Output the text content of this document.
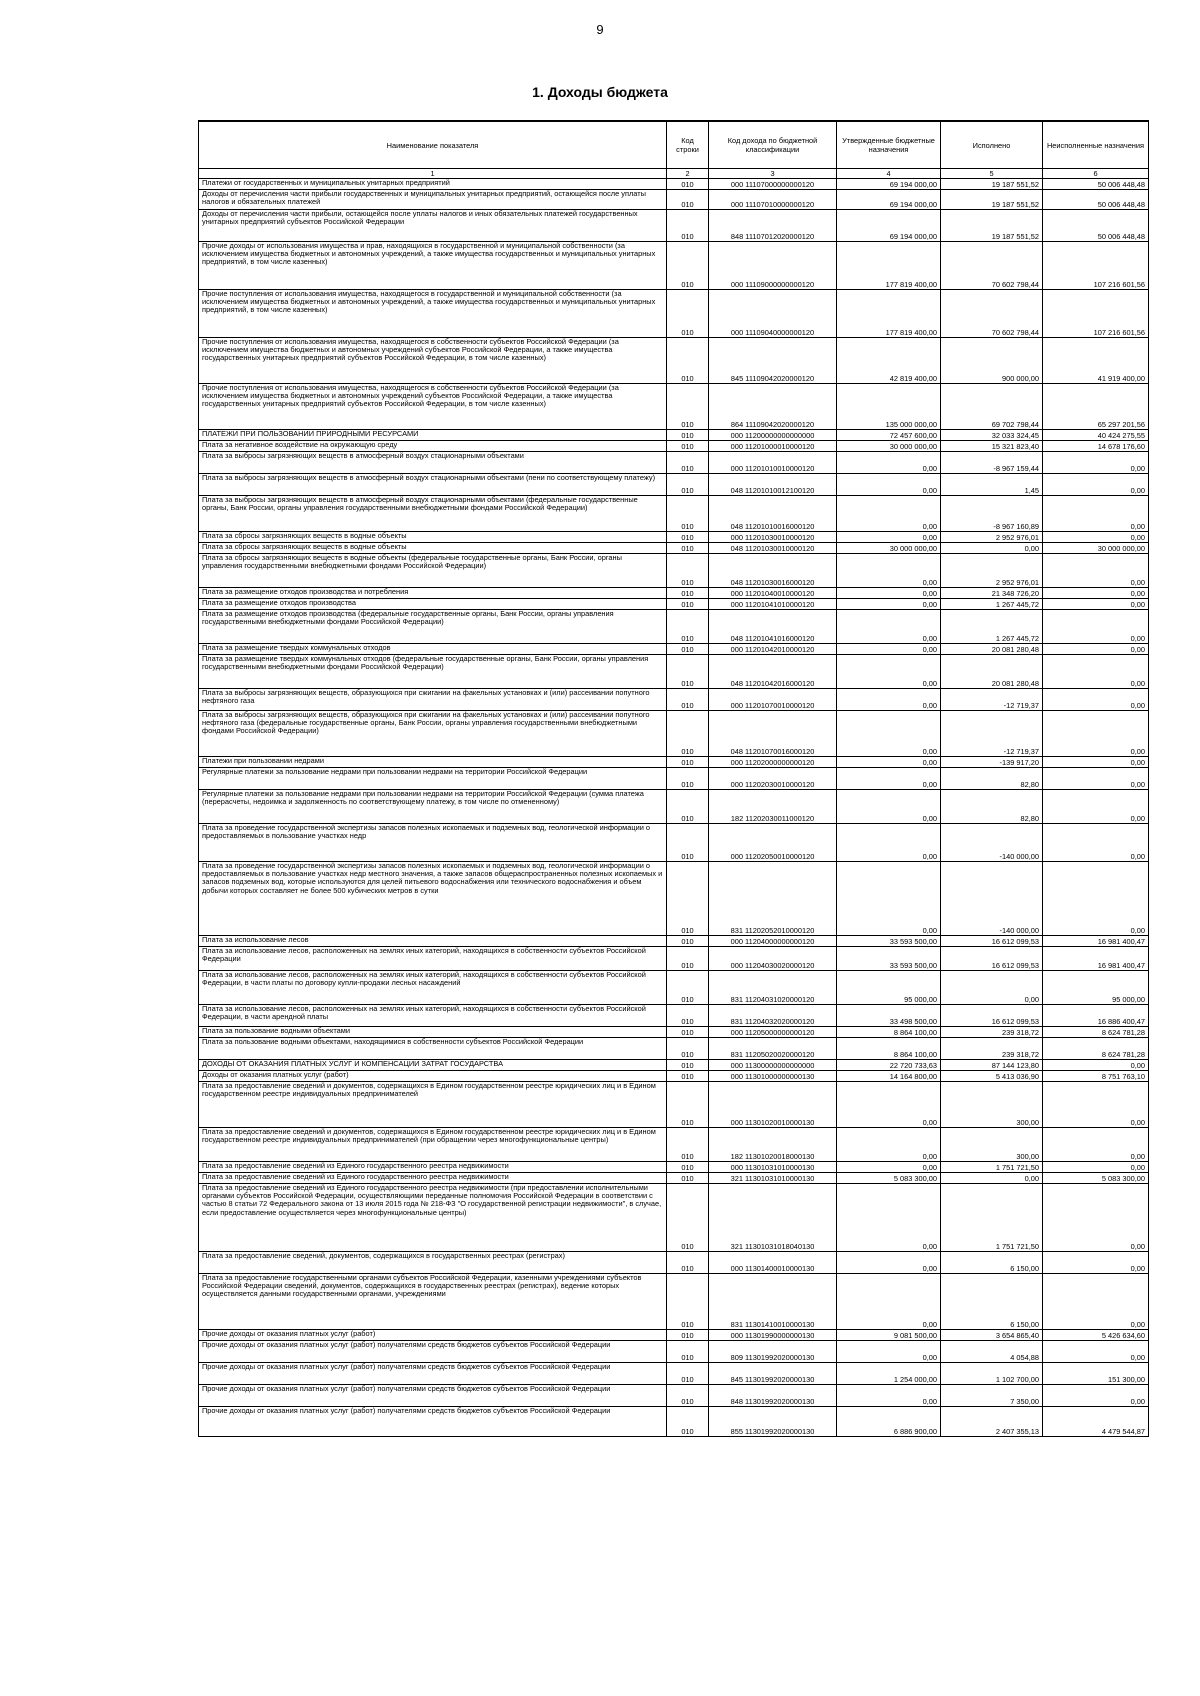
9
1. Доходы бюджета
Наименование показателя	Код строки	Код дохода по бюджетной классификации	Утвержденные бюджетные назначения	Исполнено	Неисполненные назначения
1	2	3	4	5	6
Платежи от государственных и муниципальных унитарных предприятий	010	000 11107000000000120	69 194 000,00	19 187 551,52	50 006 448,48
Доходы от перечисления части прибыли государственных и муниципальных унитарных предприятий, остающейся после уплаты налогов и обязательных платежей	010	000 11107010000000120	69 194 000,00	19 187 551,52	50 006 448,48
Доходы от перечисления части прибыли, остающейся после уплаты налогов и иных обязательных платежей государственных унитарных предприятий субъектов Российской Федерации	010	848 11107012020000120	69 194 000,00	19 187 551,52	50 006 448,48
Прочие доходы от использования имущества и прав, находящихся в государственной и муниципальной собственности (за исключением имущества бюджетных и автономных учреждений, а также имущества государственных и муниципальных унитарных предприятий, в том числе казенных)	010	000 11109000000000120	177 819 400,00	70 602 798,44	107 216 601,56
Прочие поступления от использования имущества, находящегося в государственной и муниципальной собственности (за исключением имущества бюджетных и автономных учреждений, а также имущества государственных и муниципальных унитарных предприятий, в том числе казенных)	010	000 11109040000000120	177 819 400,00	70 602 798,44	107 216 601,56
Прочие поступления от использования имущества, находящегося в собственности субъектов Российской Федерации (за исключением имущества бюджетных и автономных учреждений субъектов Российской Федерации, а также имущества государственных унитарных предприятий субъектов Российской Федерации, в том числе казенных)	010	845 11109042020000120	42 819 400,00	900 000,00	41 919 400,00
Прочие поступления от использования имущества, находящегося в собственности субъектов Российской Федерации (за исключением имущества бюджетных и автономных учреждений субъектов Российской Федерации, а также имущества государственных унитарных предприятий субъектов Российской Федерации, в том числе казенных)	010	864 11109042020000120	135 000 000,00	69 702 798,44	65 297 201,56
ПЛАТЕЖИ ПРИ ПОЛЬЗОВАНИИ ПРИРОДНЫМИ РЕСУРСАМИ	010	000 11200000000000000	72 457 600,00	32 033 324,45	40 424 275,55
Плата за негативное воздействие на окружающую среду	010	000 11201000010000120	30 000 000,00	15 321 823,40	14 678 176,60
Плата за выбросы загрязняющих веществ в атмосферный воздух стационарными объектами	010	000 11201010010000120	0,00	-8 967 159,44	0,00
Плата за выбросы загрязняющих веществ в атмосферный воздух стационарными объектами (пени по соответствующему платежу)	010	048 11201010012100120	0,00	1,45	0,00
Плата за выбросы загрязняющих веществ в атмосферный воздух стационарными объектами (федеральные государственные органы, Банк России, органы управления государственными внебюджетными фондами Российской Федерации)	010	048 11201010016000120	0,00	-8 967 160,89	0,00
Плата за сбросы загрязняющих веществ в водные объекты	010	000 11201030010000120	0,00	2 952 976,01	0,00
Плата за сбросы загрязняющих веществ в водные объекты	010	048 11201030010000120	30 000 000,00	0,00	30 000 000,00
Плата за сбросы загрязняющих веществ в водные объекты (федеральные государственные органы, Банк России, органы управления государственными внебюджетными фондами Российской Федерации)	010	048 11201030016000120	0,00	2 952 976,01	0,00
Плата за размещение отходов производства и потребления	010	000 11201040010000120	0,00	21 348 726,20	0,00
Плата за размещение отходов производства	010	000 11201041010000120	0,00	1 267 445,72	0,00
Плата за размещение отходов производства (федеральные государственные органы, Банк России, органы управления государственными внебюджетными фондами Российской Федерации)	010	048 11201041016000120	0,00	1 267 445,72	0,00
Плата за размещение твердых коммунальных отходов	010	000 11201042010000120	0,00	20 081 280,48	0,00
Плата за размещение твердых коммунальных отходов (федеральные государственные органы, Банк России, органы управления государственными внебюджетными фондами Российской Федерации)	010	048 11201042016000120	0,00	20 081 280,48	0,00
Плата за выбросы загрязняющих веществ, образующихся при сжигании на факельных установках и (или) рассеивании попутного нефтяного газа	010	000 11201070010000120	0,00	-12 719,37	0,00
Плата за выбросы загрязняющих веществ, образующихся при сжигании на факельных установках и (или) рассеивании попутного нефтяного газа (федеральные государственные органы, Банк России, органы управления государственными внебюджетными фондами Российской Федерации)	010	048 11201070016000120	0,00	-12 719,37	0,00
Платежи при пользовании недрами	010	000 11202000000000120	0,00	-139 917,20	0,00
Регулярные платежи за пользование недрами при пользовании недрами на территории Российской Федерации	010	000 11202030010000120	0,00	82,80	0,00
Регулярные платежи за пользование недрами при пользовании недрами на территории Российской Федерации (сумма платежа (перерасчеты, недоимка и задолженность по соответствующему платежу, в том числе по отмененному)	010	182 11202030011000120	0,00	82,80	0,00
Плата за проведение государственной экспертизы запасов полезных ископаемых и подземных вод, геологической информации о предоставляемых в пользование участках недр	010	000 11202050010000120	0,00	-140 000,00	0,00
Плата за проведение государственной экспертизы запасов полезных ископаемых и подземных вод, геологической информации о предоставляемых в пользование участках недр местного значения, а также запасов общераспространенных полезных ископаемых и запасов подземных вод, которые используются для целей питьевого водоснабжения или технического водоснабжения и объем добычи которых составляет не более 500 кубических метров в сутки	010	831 11202052010000120	0,00	-140 000,00	0,00
Плата за использование лесов	010	000 11204000000000120	33 593 500,00	16 612 099,53	16 981 400,47
Плата за использование лесов, расположенных на землях иных категорий, находящихся в собственности субъектов Российской Федерации	010	000 11204030020000120	33 593 500,00	16 612 099,53	16 981 400,47
Плата за использование лесов, расположенных на землях иных категорий, находящихся в собственности субъектов Российской Федерации, в части платы по договору купли-продажи лесных насаждений	010	831 11204031020000120	95 000,00	0,00	95 000,00
Плата за использование лесов, расположенных на землях иных категорий, находящихся в собственности субъектов Российской Федерации, в части арендной платы	010	831 11204032020000120	33 498 500,00	16 612 099,53	16 886 400,47
Плата за пользование водными объектами	010	000 11205000000000120	8 864 100,00	239 318,72	8 624 781,28
Плата за пользование водными объектами, находящимися в собственности субъектов Российской Федерации	010	831 11205020020000120	8 864 100,00	239 318,72	8 624 781,28
ДОХОДЫ ОТ ОКАЗАНИЯ ПЛАТНЫХ УСЛУГ И КОМПЕНСАЦИИ ЗАТРАТ ГОСУДАРСТВА	010	000 11300000000000000	22 720 733,63	87 144 123,80	0,00
Доходы от оказания платных услуг (работ)	010	000 11301000000000130	14 164 800,00	5 413 036,90	8 751 763,10
Плата за предоставление сведений и документов, содержащихся в Едином государственном реестре юридических лиц и в Едином государственном реестре индивидуальных предпринимателей	010	000 11301020010000130	0,00	300,00	0,00
Плата за предоставление сведений и документов, содержащихся в Едином государственном реестре юридических лиц и в Едином государственном реестре индивидуальных предпринимателей (при обращении через многофункциональные центры)	010	182 11301020018000130	0,00	300,00	0,00
Плата за предоставление сведений из Единого государственного реестра недвижимости	010	000 11301031010000130	0,00	1 751 721,50	0,00
Плата за предоставление сведений из Единого государственного реестра недвижимости	010	321 11301031010000130	5 083 300,00	0,00	5 083 300,00
Плата за предоставление сведений из Единого государственного реестра недвижимости (при предоставлении исполнительными органами субъектов Российской Федерации, осуществляющими переданные полномочия Российской Федерации в соответствии с частью 8 статьи 72 Федерального закона от 13 июля 2015 года № 218-ФЗ "О государственной регистрации недвижимости", в случае, если предоставление осуществляется через многофункциональные центры)	010	321 11301031018040130	0,00	1 751 721,50	0,00
Плата за предоставление сведений, документов, содержащихся в государственных реестрах (регистрах)	010	000 11301400010000130	0,00	6 150,00	0,00
Плата за предоставление государственными органами субъектов Российской Федерации, казенными учреждениями субъектов Российской Федерации сведений, документов, содержащихся в государственных реестрах (регистрах), ведение которых осуществляется данными государственными органами, учреждениями	010	831 11301410010000130	0,00	6 150,00	0,00
Прочие доходы от оказания платных услуг (работ)	010	000 11301990000000130	9 081 500,00	3 654 865,40	5 426 634,60
Прочие доходы от оказания платных услуг (работ) получателями средств бюджетов субъектов Российской Федерации	010	809 11301992020000130	0,00	4 054,88	0,00
Прочие доходы от оказания платных услуг (работ) получателями средств бюджетов субъектов Российской Федерации	010	845 11301992020000130	1 254 000,00	1 102 700,00	151 300,00
Прочие доходы от оказания платных услуг (работ) получателями средств бюджетов субъектов Российской Федерации	010	848 11301992020000130	0,00	7 350,00	0,00
Прочие доходы от оказания платных услуг (работ) получателями средств бюджетов субъектов Российской Федерации	010	855 11301992020000130	6 886 900,00	2 407 355,13	4 479 544,87
